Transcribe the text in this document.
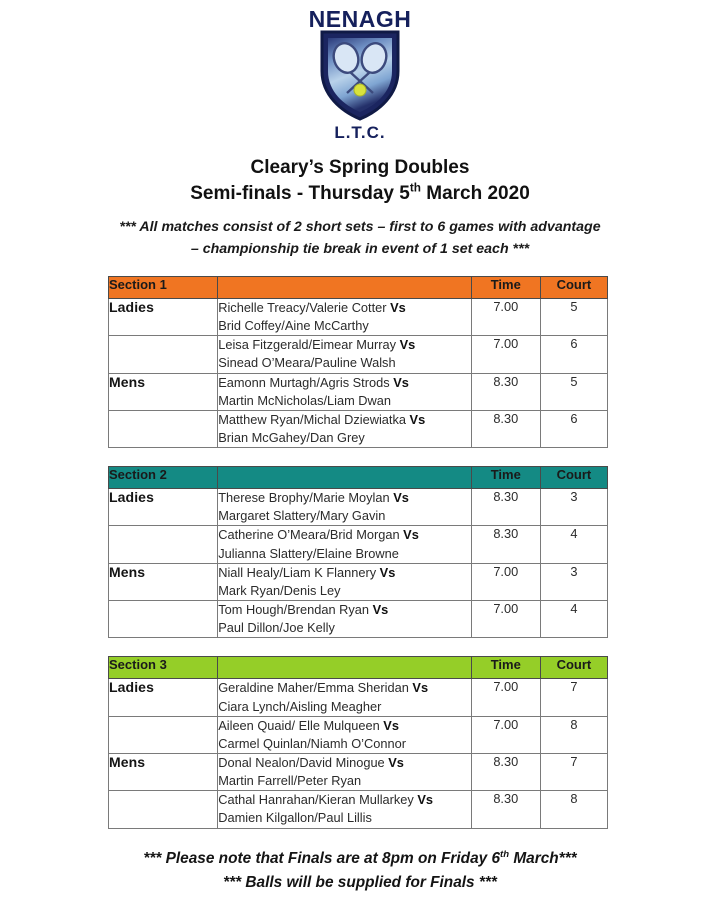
NENAGH
L.T.C.
Cleary’s Spring Doubles
Semi-finals - Thursday 5th March 2020
*** All matches consist of 2 short sets – first to 6 games with advantage
– championship tie break in event of 1 set each ***
Section 1		Time	Court
Ladies	Richelle Treacy/Valerie Cotter Vs
Brid Coffey/Aine McCarthy	7.00	5
	Leisa Fitzgerald/Eimear Murray Vs
Sinead O’Meara/Pauline Walsh	7.00	6
Mens	Eamonn Murtagh/Agris Strods Vs
Martin McNicholas/Liam Dwan	8.30	5
	Matthew Ryan/Michal Dziewiatka Vs
Brian McGahey/Dan Grey	8.30	6
Section 2		Time	Court
Ladies	Therese Brophy/Marie Moylan Vs
Margaret Slattery/Mary Gavin	8.30	3
	Catherine O’Meara/Brid Morgan Vs
Julianna Slattery/Elaine Browne	8.30	4
Mens	Niall Healy/Liam K Flannery Vs
Mark Ryan/Denis Ley	7.00	3
	Tom Hough/Brendan Ryan Vs
Paul Dillon/Joe Kelly	7.00	4
Section 3		Time	Court
Ladies	Geraldine Maher/Emma Sheridan Vs
Ciara Lynch/Aisling Meagher	7.00	7
	Aileen Quaid/ Elle Mulqueen Vs
Carmel Quinlan/Niamh O’Connor	7.00	8
Mens	Donal Nealon/David Minogue Vs
Martin Farrell/Peter Ryan	8.30	7
	Cathal Hanrahan/Kieran Mullarkey Vs
Damien Kilgallon/Paul Lillis	8.30	8
*** Please note that Finals are at 8pm on Friday 6th March***
*** Balls will be supplied for Finals ***
